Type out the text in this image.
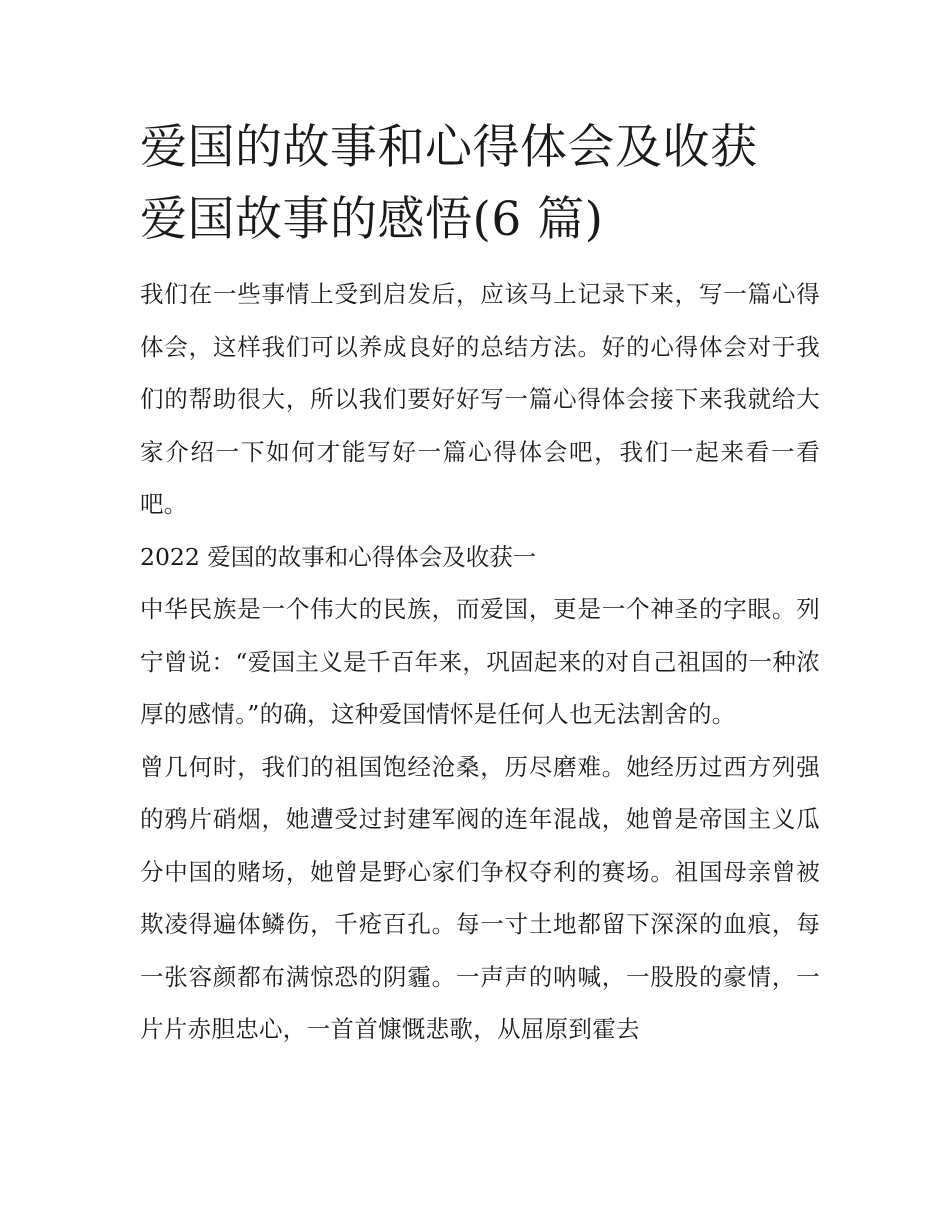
爱国的故事和心得体会及收获
爱国故事的感悟(6 篇)

我们在一些事情上受到启发后，应该马上记录下来，写一篇心得体会，这样我们可以养成良好的总结方法。好的心得体会对于我们的帮助很大，所以我们要好好写一篇心得体会接下来我就给大家介绍一下如何才能写好一篇心得体会吧，我们一起来看一看吧。

2022 爱国的故事和心得体会及收获一

中华民族是一个伟大的民族，而爱国，更是一个神圣的字眼。列宁曾说：“爱国主义是千百年来，巩固起来的对自己祖国的一种浓厚的感情。”的确，这种爱国情怀是任何人也无法割舍的。

曾几何时，我们的祖国饱经沧桑，历尽磨难。她经历过西方列强的鸦片硝烟，她遭受过封建军阀的连年混战，她曾是帝国主义瓜分中国的赌场，她曾是野心家们争权夺利的赛场。祖国母亲曾被欺凌得遍体鳞伤，千疮百孔。每一寸土地都留下深深的血痕，每一张容颜都布满惊恐的阴霾。一声声的呐喊，一股股的豪情，一片片赤胆忠心，一首首慷慨悲歌，从屈原到霍去
